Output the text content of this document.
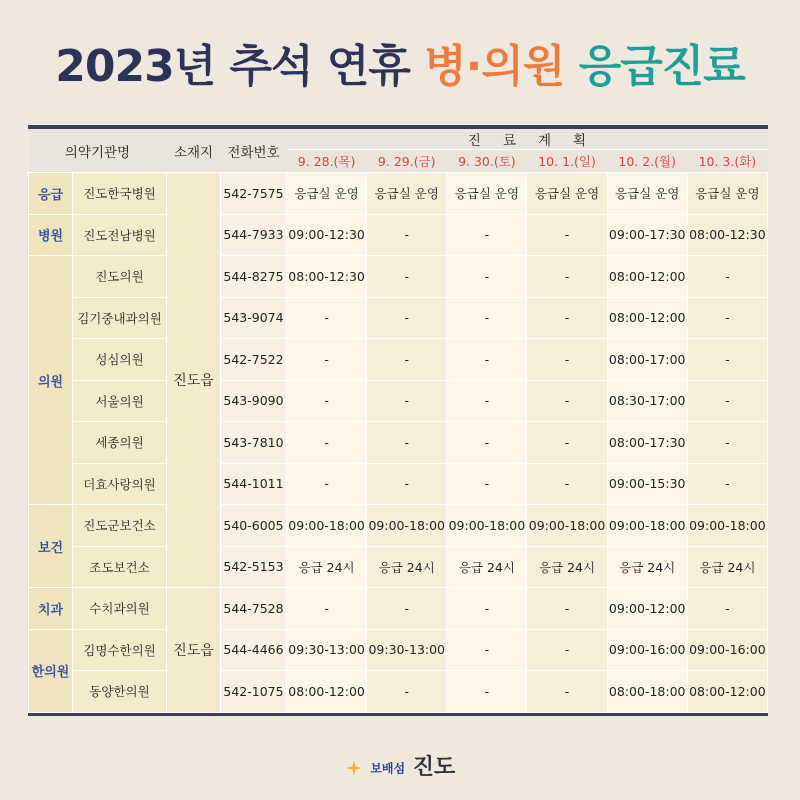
2023년 추석 연휴 병·의원 응급진료
의약기관명		소재지	전화번호	진료계획					
				9. 28.(목)	9. 29.(금)	9. 30.(토)	10. 1.(일)	10. 2.(월)	10. 3.(화)
응급	진도한국병원	진도읍	542-7575	응급실 운영	응급실 운영	응급실 운영	응급실 운영	응급실 운영	응급실 운영
병원	진도전남병원		544-7933	09:00-12:30	-	-	-	09:00-17:30	08:00-12:30
의원	진도의원		544-8275	08:00-12:30	-	-	-	08:00-12:00	-
	김기중내과의원		543-9074	-	-	-	-	08:00-12:00	-
	성심의원		542-7522	-	-	-	-	08:00-17:00	-
	서울의원		543-9090	-	-	-	-	08:30-17:00	-
	세종의원		543-7810	-	-	-	-	08:00-17:30	-
	더효사랑의원		544-1011	-	-	-	-	09:00-15:30	-
보건	진도군보건소		540-6005	09:00-18:00	09:00-18:00	09:00-18:00	09:00-18:00	09:00-18:00	09:00-18:00
	조도보건소		542-5153	응급 24시	응급 24시	응급 24시	응급 24시	응급 24시	응급 24시
치과	수치과의원	진도읍	544-7528	-	-	-	-	09:00-12:00	-
한의원	김명수한의원		544-4466	09:30-13:00	09:30-13:00	-	-	09:00-16:00	09:00-16:00
	동양한의원		542-1075	08:00-12:00	-	-	-	08:00-18:00	08:00-12:00
보배섬 진도
